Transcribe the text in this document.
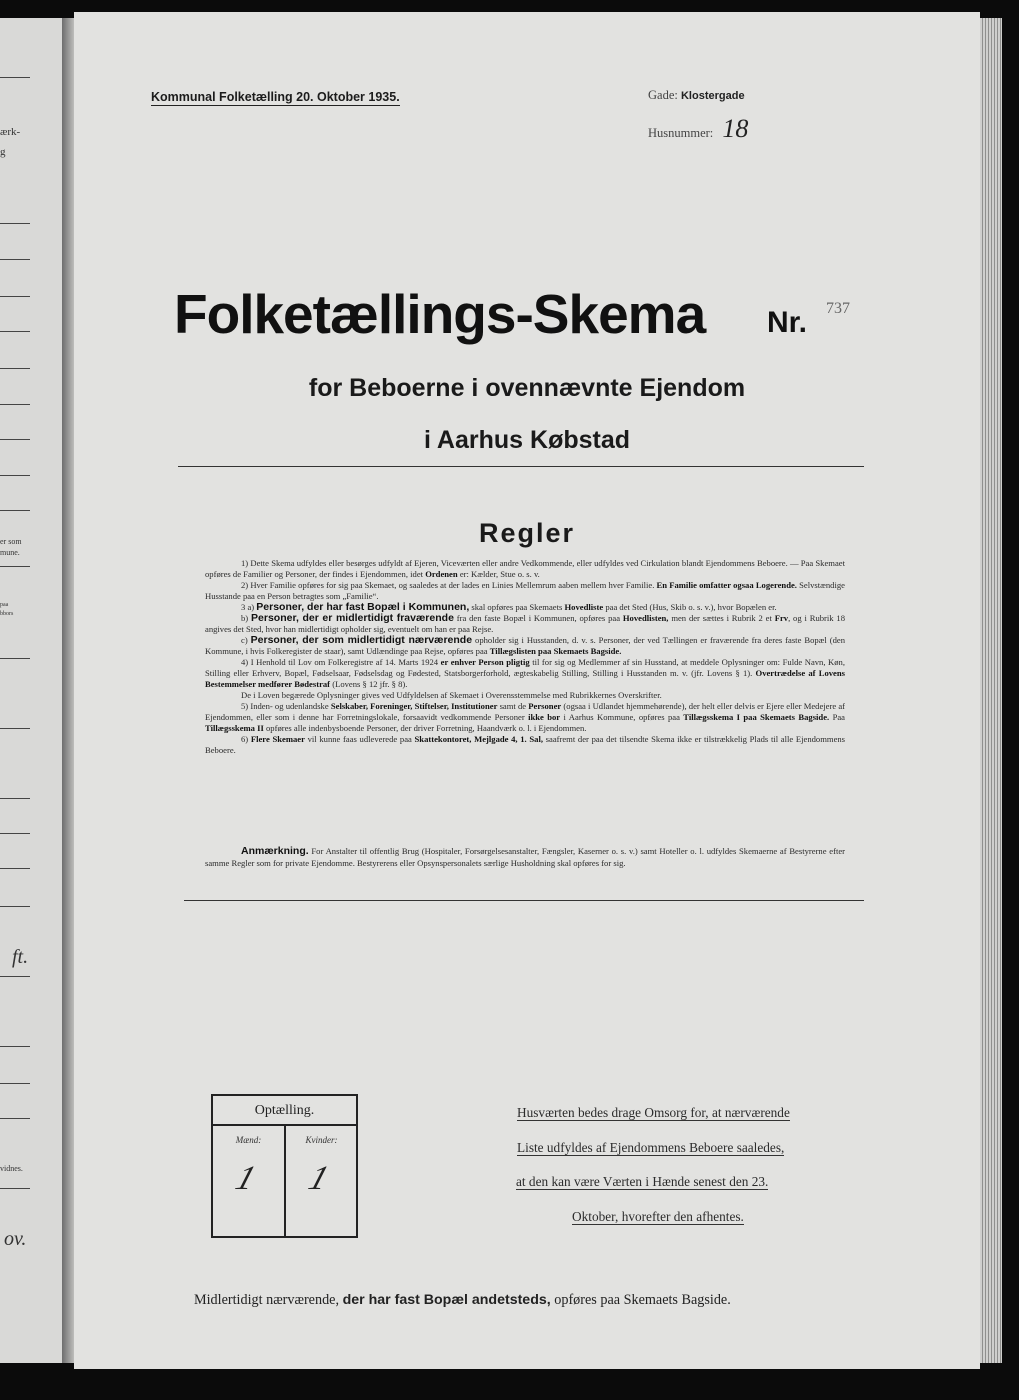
ærk-
g
er som
mune.
paa
bbors
ft.
vidnes.
ov.
Kommunal Folketælling 20. Oktober 1935.	Gade: Klostergade
Husnummer: 18
Folketællings-Skema Nr. 737
for Beboerne i ovennævnte Ejendom
i Aarhus Købstad
Regler

1) Dette Skema udfyldes eller besørges udfyldt af Ejeren, Viceværten eller andre Vedkommende, eller udfyldes ved Cirkulation blandt Ejendommens Beboere. — Paa Skemaet opføres de Familier og Personer, der findes i Ejendommen, idet Ordenen er: Kælder, Stue o. s. v.

2) Hver Familie opføres for sig paa Skemaet, og saaledes at der lades en Linies Mellemrum aaben mellem hver Familie. En Familie omfatter ogsaa Logerende. Selvstændige Husstande paa en Person betragtes som „Familie“.

3 a) Personer, der har fast Bopæl i Kommunen, skal opføres paa Skemaets Hovedliste paa det Sted (Hus, Skib o. s. v.), hvor Bopælen er.

b) Personer, der er midlertidigt fraværende fra den faste Bopæl i Kommunen, opføres paa Hovedlisten, men der sættes i Rubrik 2 et Frv, og i Rubrik 18 angives det Sted, hvor han midlertidigt opholder sig, eventuelt om han er paa Rejse.

c) Personer, der som midlertidigt nærværende opholder sig i Husstanden, d. v. s. Personer, der ved Tællingen er fraværende fra deres faste Bopæl (den Kommune, i hvis Folkeregister de staar), samt Udlændinge paa Rejse, opføres paa Tillægslisten paa Skemaets Bagside.

4) I Henhold til Lov om Folkeregistre af 14. Marts 1924 er enhver Person pligtig til for sig og Medlemmer af sin Husstand, at meddele Oplysninger om: Fulde Navn, Køn, Stilling eller Erhverv, Bopæl, Fødselsaar, Fødselsdag og Fødested, Statsborgerforhold, ægteskabelig Stilling, Stilling i Husstanden m. v. (jfr. Lovens § 1). Overtrædelse af Lovens Bestemmelser medfører Bødestraf (Lovens § 12 jfr. § 8).

De i Loven begærede Oplysninger gives ved Udfyldelsen af Skemaet i Overensstemmelse med Rubrikkernes Overskrifter.

5) Inden- og udenlandske Selskaber, Foreninger, Stiftelser, Institutioner samt de Personer (ogsaa i Udlandet hjemmehørende), der helt eller delvis er Ejere eller Medejere af Ejendommen, eller som i denne har Forretningslokale, forsaavidt vedkommende Personer ikke bor i Aarhus Kommune, opføres paa Tillægsskema I paa Skemaets Bagside. Paa Tillægsskema II opføres alle indenbysboende Personer, der driver Forretning, Haandværk o. l. i Ejendommen.

6) Flere Skemaer vil kunne faas udleverede paa Skattekontoret, Mejlgade 4, 1. Sal, saafremt der paa det tilsendte Skema ikke er tilstrækkelig Plads til alle Ejendommens Beboere.

Anmærkning. For Anstalter til offentlig Brug (Hospitaler, Forsørgelsesanstalter, Fængsler, Kaserner o. s. v.) samt Hoteller o. l. udfyldes Skemaerne af Bestyrerne efter samme Regler som for private Ejendomme. Bestyrerens eller Opsynspersonalets særlige Husholdning skal opføres for sig.

Optælling.
Mænd:
1
Kvinder:
1
Husværten bedes drage Omsorg for, at nærværende
Liste udfyldes af Ejendommens Beboere saaledes,
at den kan være Værten i Hænde senest den 23.
Oktober, hvorefter den afhentes.
Midlertidigt nærværende, der har fast Bopæl andetsteds, opføres paa Skemaets Bagside.
